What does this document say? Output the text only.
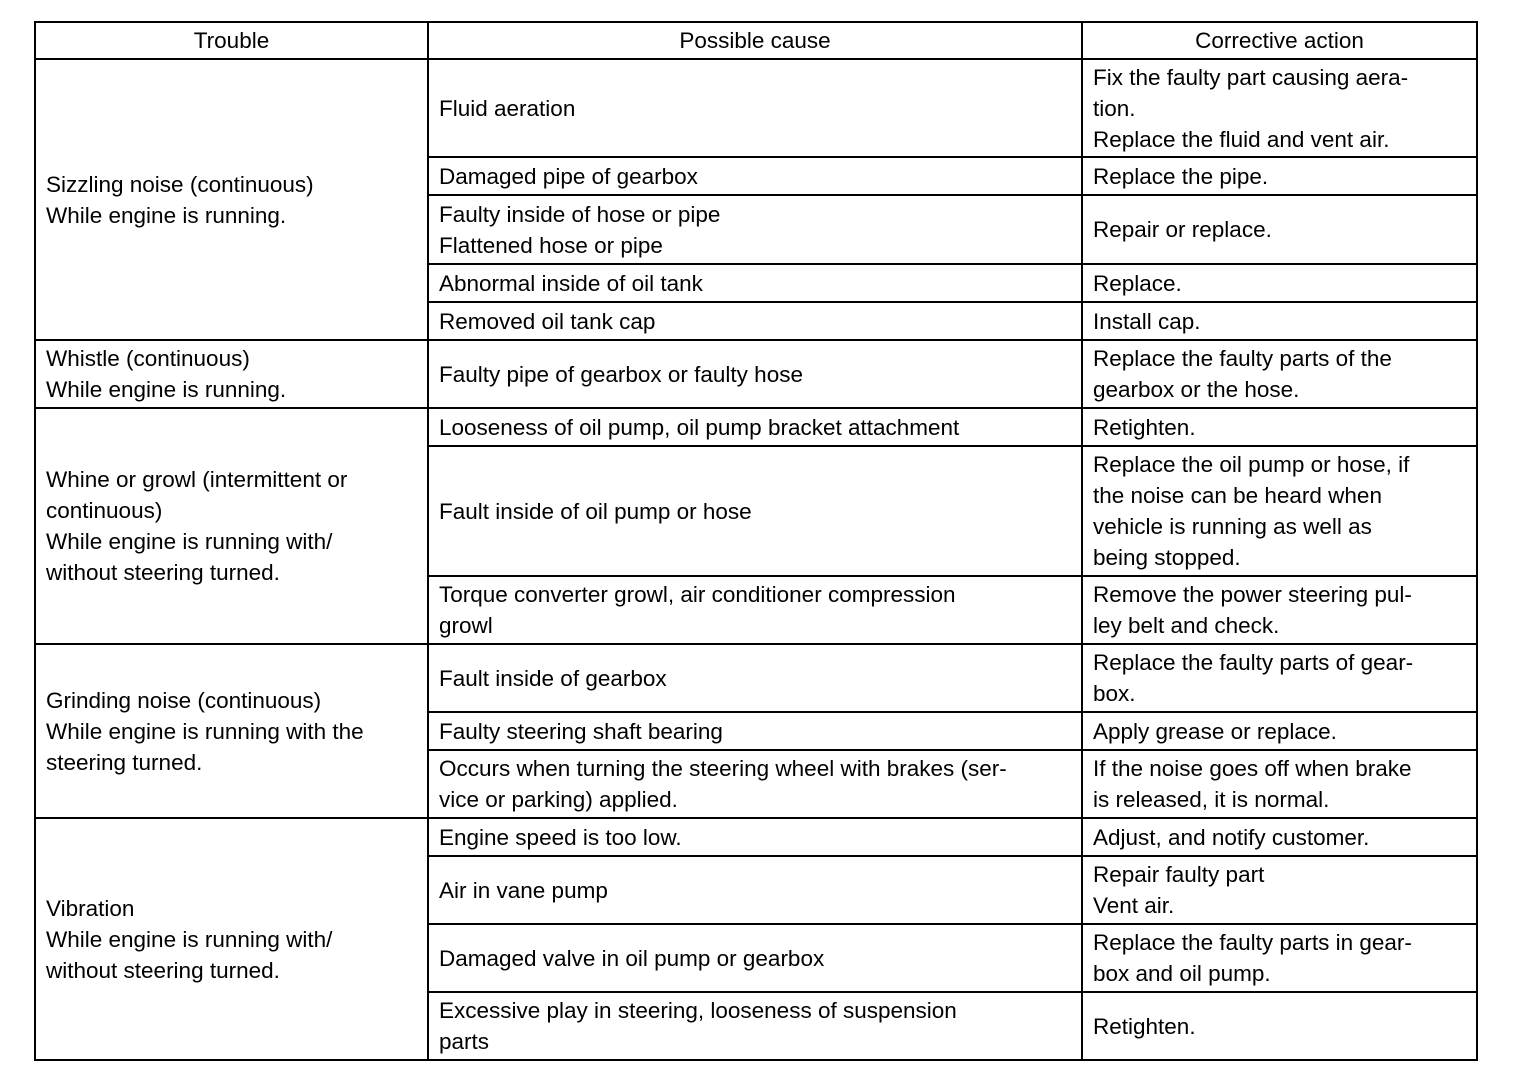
Trouble	Possible cause	Corrective action

Sizzling noise (continuous)
While engine is running.	Fluid aeration	Fix the faulty part causing aera-
tion.
Replace the fluid and vent air.

	Damaged pipe of gearbox	Replace the pipe.

	Faulty inside of hose or pipe
Flattened hose or pipe	Repair or replace.

	Abnormal inside of oil tank	Replace.

	Removed oil tank cap	Install cap.

Whistle (continuous)
While engine is running.	Faulty pipe of gearbox or faulty hose	Replace the faulty parts of the
gearbox or the hose.

Whine or growl (intermittent or
continuous)
While engine is running with/
without steering turned.	Looseness of oil pump, oil pump bracket attachment	Retighten.

	Fault inside of oil pump or hose	Replace the oil pump or hose, if
the noise can be heard when
vehicle is running as well as
being stopped.

	Torque converter growl, air conditioner compression
growl	Remove the power steering pul-
ley belt and check.

Grinding noise (continuous)
While engine is running with the
steering turned.	Fault inside of gearbox	Replace the faulty parts of gear-
box.

	Faulty steering shaft bearing	Apply grease or replace.

	Occurs when turning the steering wheel with brakes (ser-
vice or parking) applied.	If the noise goes off when brake
is released, it is normal.

Vibration
While engine is running with/
without steering turned.	Engine speed is too low.	Adjust, and notify customer.

	Air in vane pump	Repair faulty part
Vent air.

	Damaged valve in oil pump or gearbox	Replace the faulty parts in gear-
box and oil pump.

	Excessive play in steering, looseness of suspension
parts	Retighten.
